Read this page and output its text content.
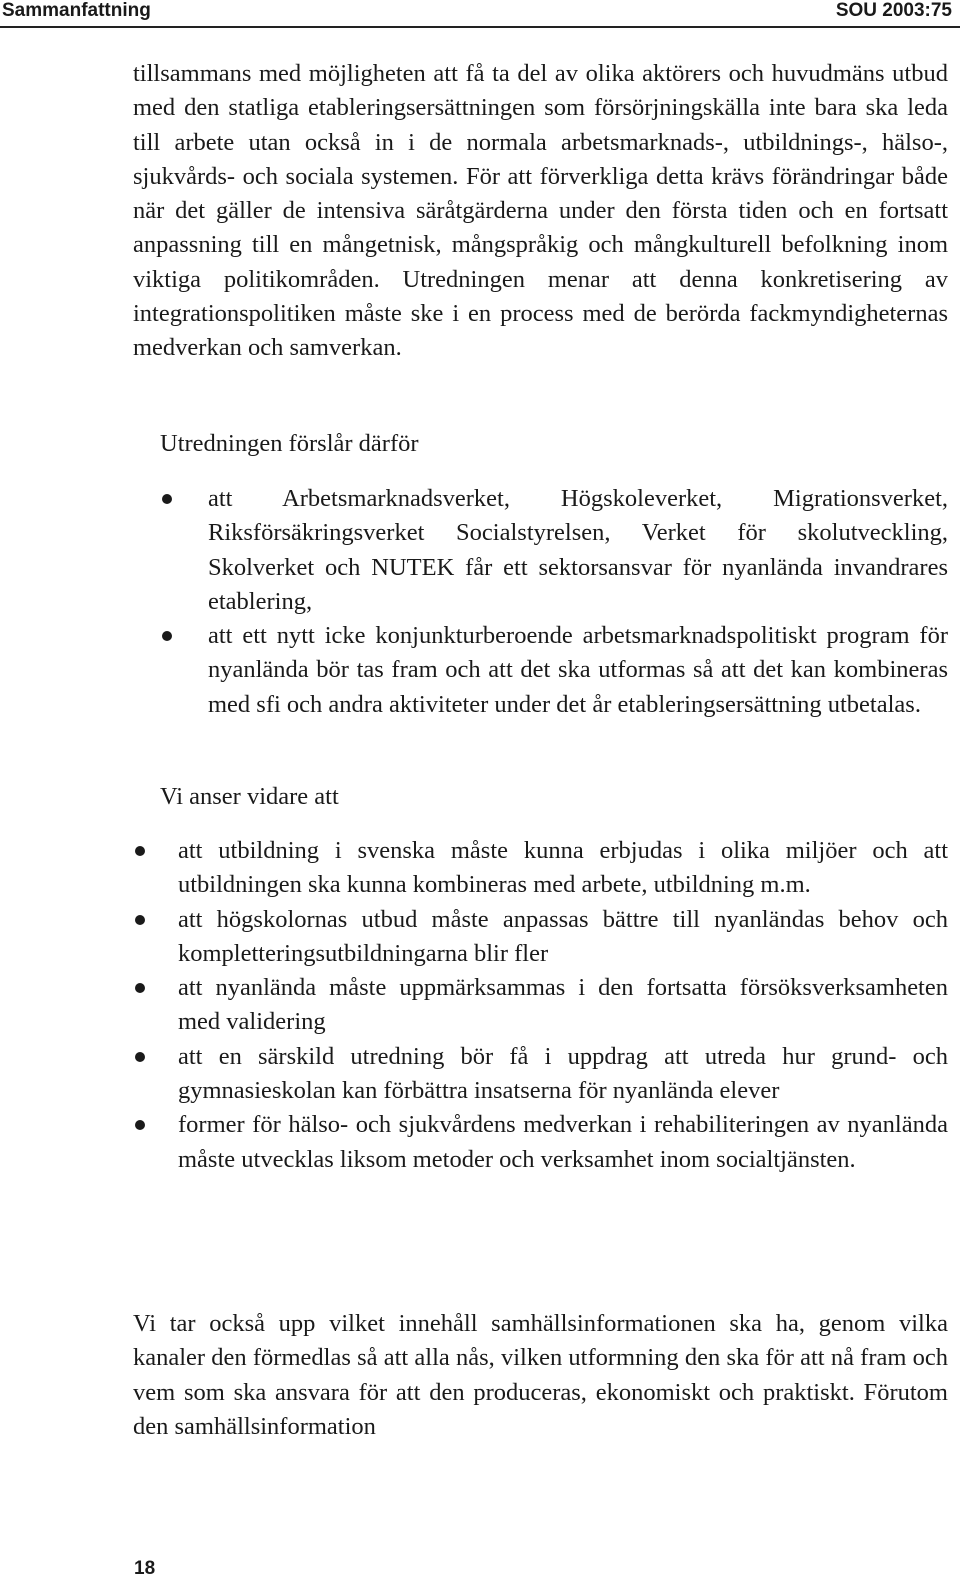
Sammanfattning	SOU 2003:75

tillsammans med möjligheten att få ta del av olika aktörers och huvudmäns utbud med den statliga etableringsersättningen som försörjningskälla inte bara ska leda till arbete utan också in i de normala arbetsmarknads-, utbildnings-, hälso-, sjukvårds- och sociala systemen. För att förverkliga detta krävs förändringar både när det gäller de intensiva säråtgärderna under den första tiden och en fortsatt anpassning till en mångetnisk, mångspråkig och mångkulturell befolkning inom viktiga politikområden. Utredningen menar att denna konkretisering av integrationspolitiken måste ske i en process med de berörda fackmyndigheternas medverkan och samverkan.

Utredningen förslår därför

att Arbetsmarknadsverket, Högskoleverket, Migrationsverket, Riksförsäkringsverket Socialstyrelsen, Verket för skolutveckling, Skolverket och NUTEK får ett sektorsansvar för nyanlända invandrares etablering,
att ett nytt icke konjunkturberoende arbetsmarknadspolitiskt program för nyanlända bör tas fram och att det ska utformas så att det kan kombineras med sfi och andra aktiviteter under det år etableringsersättning utbetalas.

Vi anser vidare att

att utbildning i svenska måste kunna erbjudas i olika miljöer och att utbildningen ska kunna kombineras med arbete, utbildning m.m.
att högskolornas utbud måste anpassas bättre till nyanländas behov och kompletteringsutbildningarna blir fler
att nyanlända måste uppmärksammas i den fortsatta försöksverksamheten med validering
att en särskild utredning bör få i uppdrag att utreda hur grund- och gymnasieskolan kan förbättra insatserna för nyanlända elever
former för hälso- och sjukvårdens medverkan i rehabiliteringen av nyanlända måste utvecklas liksom metoder och verksamhet inom socialtjänsten.

Vi tar också upp vilket innehåll samhällsinformationen ska ha, genom vilka kanaler den förmedlas så att alla nås, vilken utformning den ska för att nå fram och vem som ska ansvara för att den produceras, ekonomiskt och praktiskt. Förutom den samhällsinformation

18
